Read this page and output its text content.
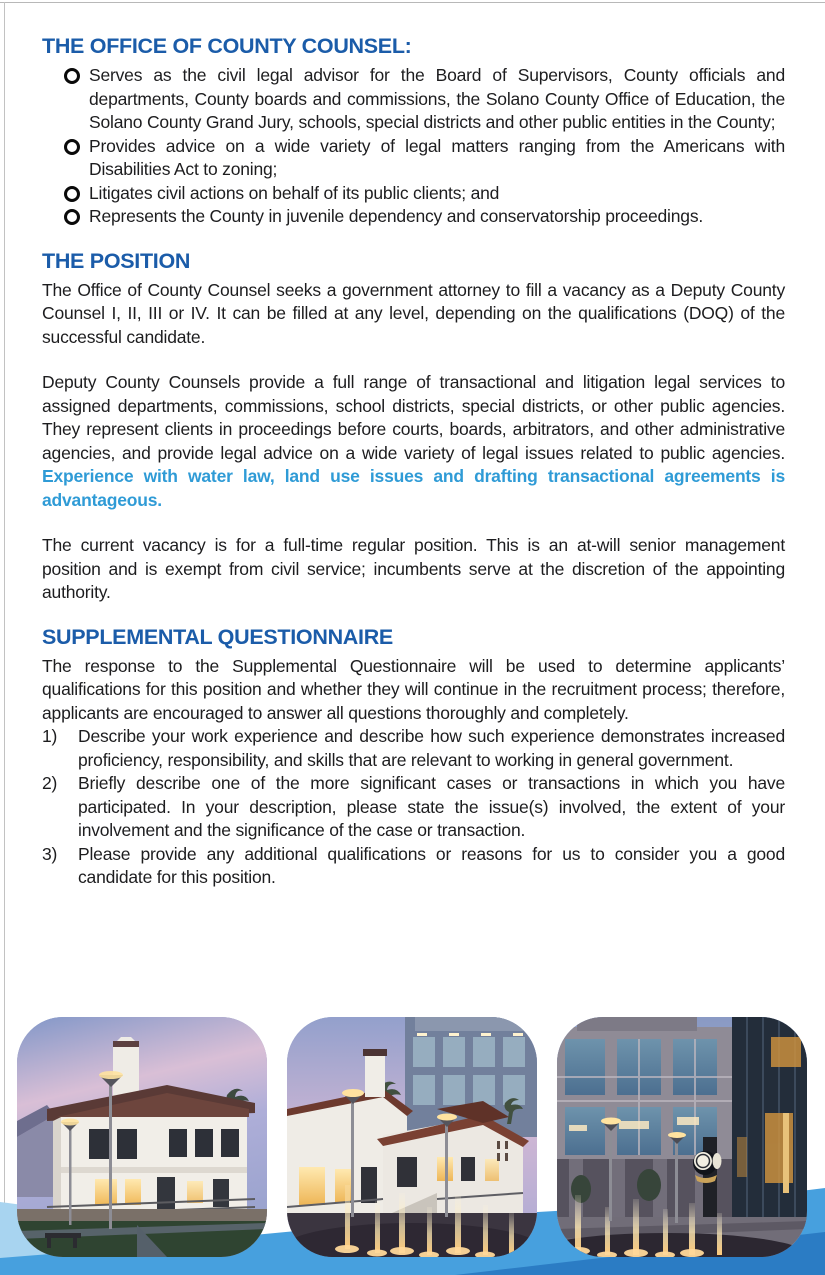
THE OFFICE OF COUNTY COUNSEL:
Serves as the civil legal advisor for the Board of Supervisors, County officials and departments, County boards and commissions, the Solano County Office of Education, the Solano County Grand Jury, schools, special districts and other public entities in the County;
Provides advice on a wide variety of legal matters ranging from the Americans with Disabilities Act to zoning;
Litigates civil actions on behalf of its public clients; and
Represents the County in juvenile dependency and conservatorship proceedings.
THE POSITION

The Office of County Counsel seeks a government attorney to fill a vacancy as a Deputy County Counsel I, II, III or IV. It can be filled at any level, depending on the qualifications (DOQ) of the successful candidate.

Deputy County Counsels provide a full range of transactional and litigation legal services to assigned departments, commissions, school districts, special districts, or other public agencies. They represent clients in proceedings before courts, boards, arbitrators, and other administrative agencies, and provide legal advice on a wide variety of legal issues related to public agencies. Experience with water law, land use issues and drafting transactional agreements is advantageous.

The current vacancy is for a full-time regular position. This is an at-will senior management position and is exempt from civil service; incumbents serve at the discretion of the appointing authority.

SUPPLEMENTAL QUESTIONNAIRE

The response to the Supplemental Questionnaire will be used to determine applicants’ qualifications for this position and whether they will continue in the recruitment process; therefore, applicants are encouraged to answer all questions thoroughly and completely.

1)	Describe your work experience and describe how such experience demonstrates increased proficiency, responsibility, and skills that are relevant to working in general government.
2)	Briefly describe one of the more significant cases or transactions in which you have participated. In your description, please state the issue(s) involved, the extent of your involvement and the significance of the case or transaction.
3)	Please provide any additional qualifications or reasons for us to consider you a good candidate for this position.
